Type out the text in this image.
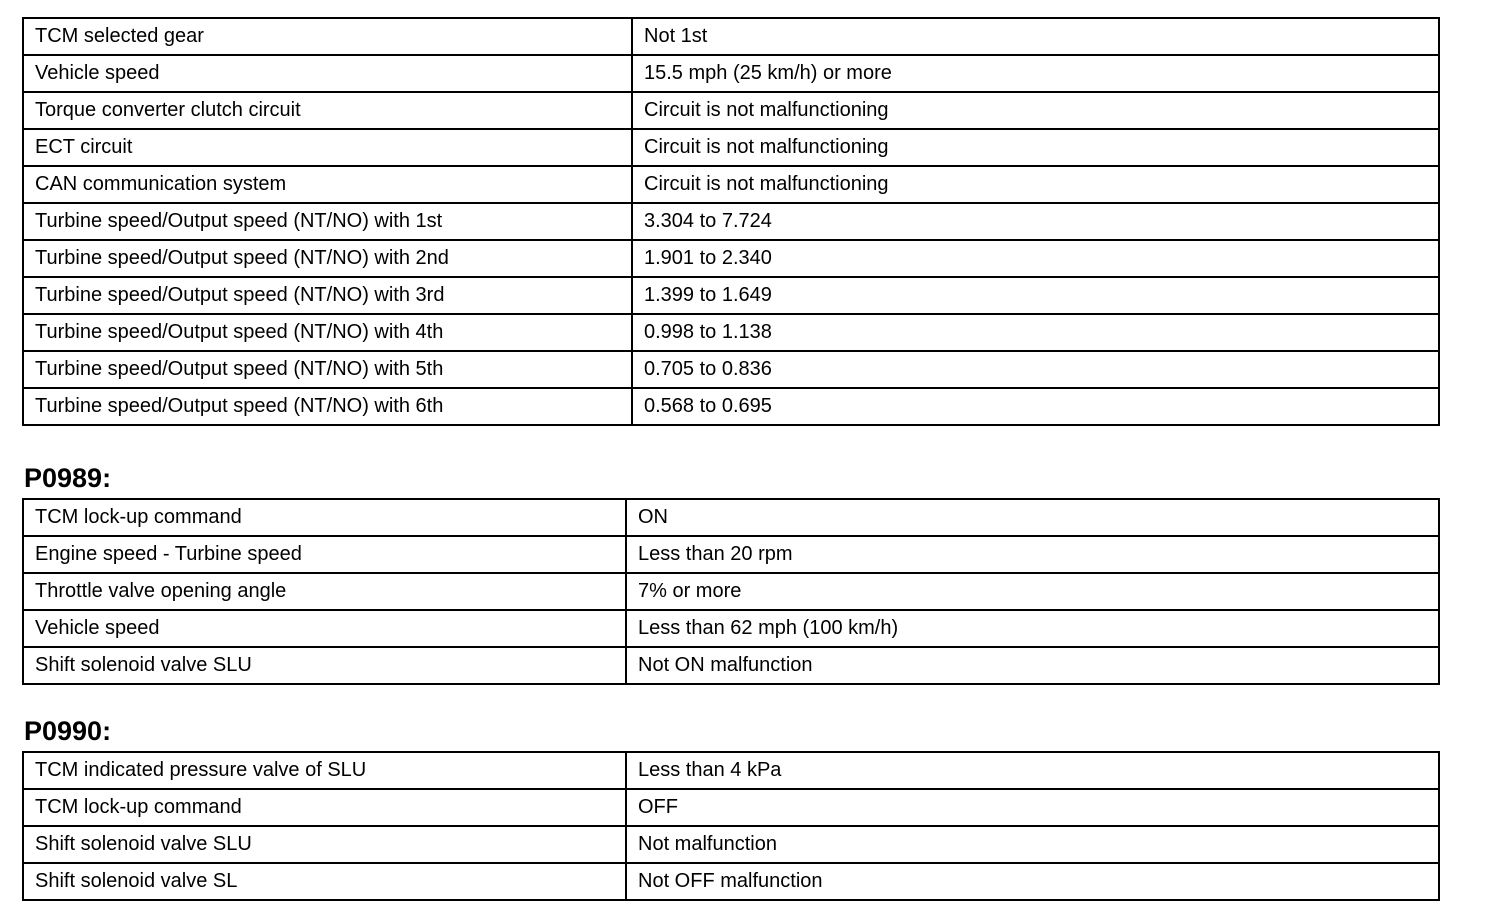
TCM selected gear	Not 1st
Vehicle speed	15.5 mph (25 km/h) or more
Torque converter clutch circuit	Circuit is not malfunctioning
ECT circuit	Circuit is not malfunctioning
CAN communication system	Circuit is not malfunctioning
Turbine speed/Output speed (NT/NO) with 1st	3.304 to 7.724
Turbine speed/Output speed (NT/NO) with 2nd	1.901 to 2.340
Turbine speed/Output speed (NT/NO) with 3rd	1.399 to 1.649
Turbine speed/Output speed (NT/NO) with 4th	0.998 to 1.138
Turbine speed/Output speed (NT/NO) with 5th	0.705 to 0.836
Turbine speed/Output speed (NT/NO) with 6th	0.568 to 0.695
P0989:
TCM lock-up command	ON
Engine speed - Turbine speed	Less than 20 rpm
Throttle valve opening angle	7% or more
Vehicle speed	Less than 62 mph (100 km/h)
Shift solenoid valve SLU	Not ON malfunction
P0990:
TCM indicated pressure valve of SLU	Less than 4 kPa
TCM lock-up command	OFF
Shift solenoid valve SLU	Not malfunction
Shift solenoid valve SL	Not OFF malfunction
